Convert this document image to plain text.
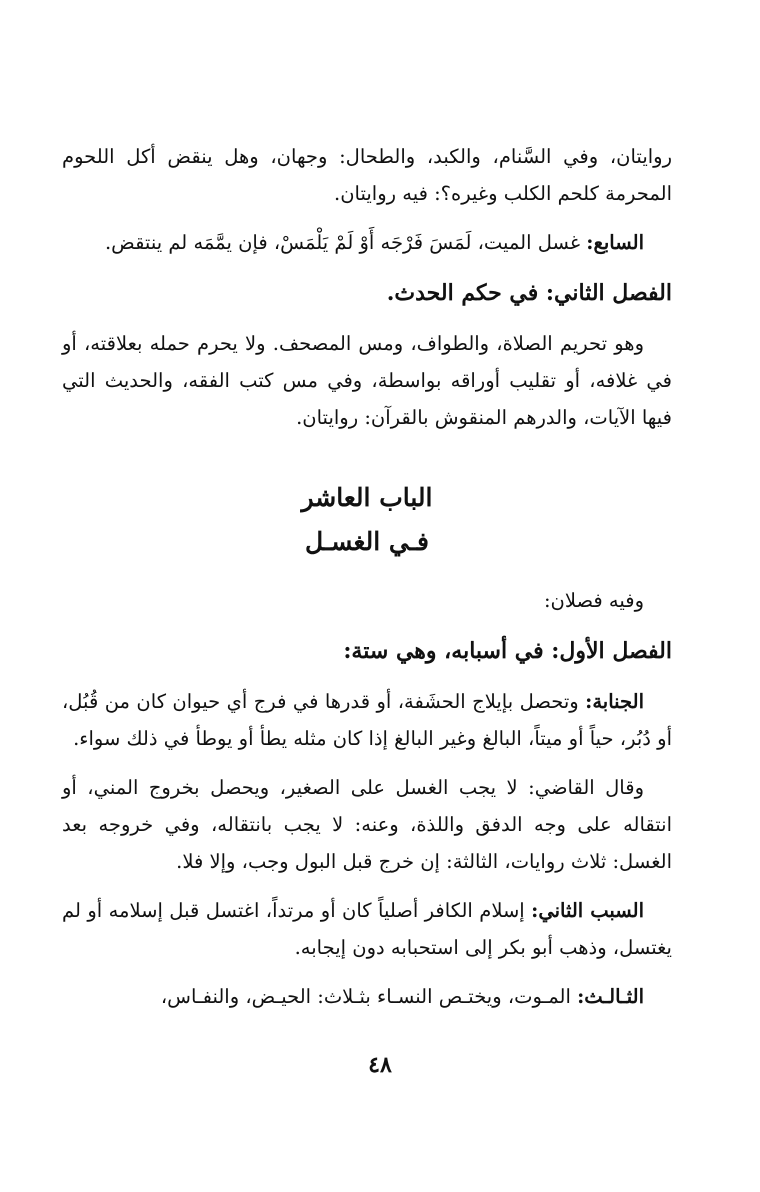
روايتان، وفي السَّنام، والكبد، والطحال: وجهان، وهل ينقض أكل اللحوم المحرمة كلحم الكلب وغيره؟: فيه روايتان.

السابع: غسل الميت، لَمَسَ فَرْجَه أَوْ لَمْ يَلْمَسْ، فإن يمَّمَه لم ينتقض.

الفصل الثاني: في حكم الحدث.

وهو تحريم الصلاة، والطواف، ومس المصحف. ولا يحرم حمله بعلاقته، أو في غلافه، أو تقليب أوراقه بواسطة، وفي مس كتب الفقه، والحديث التي فيها الآيات، والدرهم المنقوش بالقرآن: روايتان.

الباب العاشر
فـي الغسـل

وفيه فصلان:

الفصل الأول: في أسبابه، وهي ستة:

الجنابة: وتحصل بإيلاج الحشَفة، أو قدرها في فرج أي حيوان كان من قُبُل، أو دُبُر، حياً أو ميتاً، البالغ وغير البالغ إذا كان مثله يطأ أو يوطأ في ذلك سواء.

وقال القاضي: لا يجب الغسل على الصغير، ويحصل بخروج المني، أو انتقاله على وجه الدفق واللذة، وعنه: لا يجب بانتقاله، وفي خروجه بعد الغسل: ثلاث روايات، الثالثة: إن خرج قبل البول وجب، وإلا فلا.

السبب الثاني: إسلام الكافر أصلياً كان أو مرتداً، اغتسل قبل إسلامه أو لم يغتسل، وذهب أبو بكر إلى استحبابه دون إيجابه.

الثـالـث: المـوت، ويختـص النسـاء بثـلاث: الحيـض، والنفـاس،

٤٨
